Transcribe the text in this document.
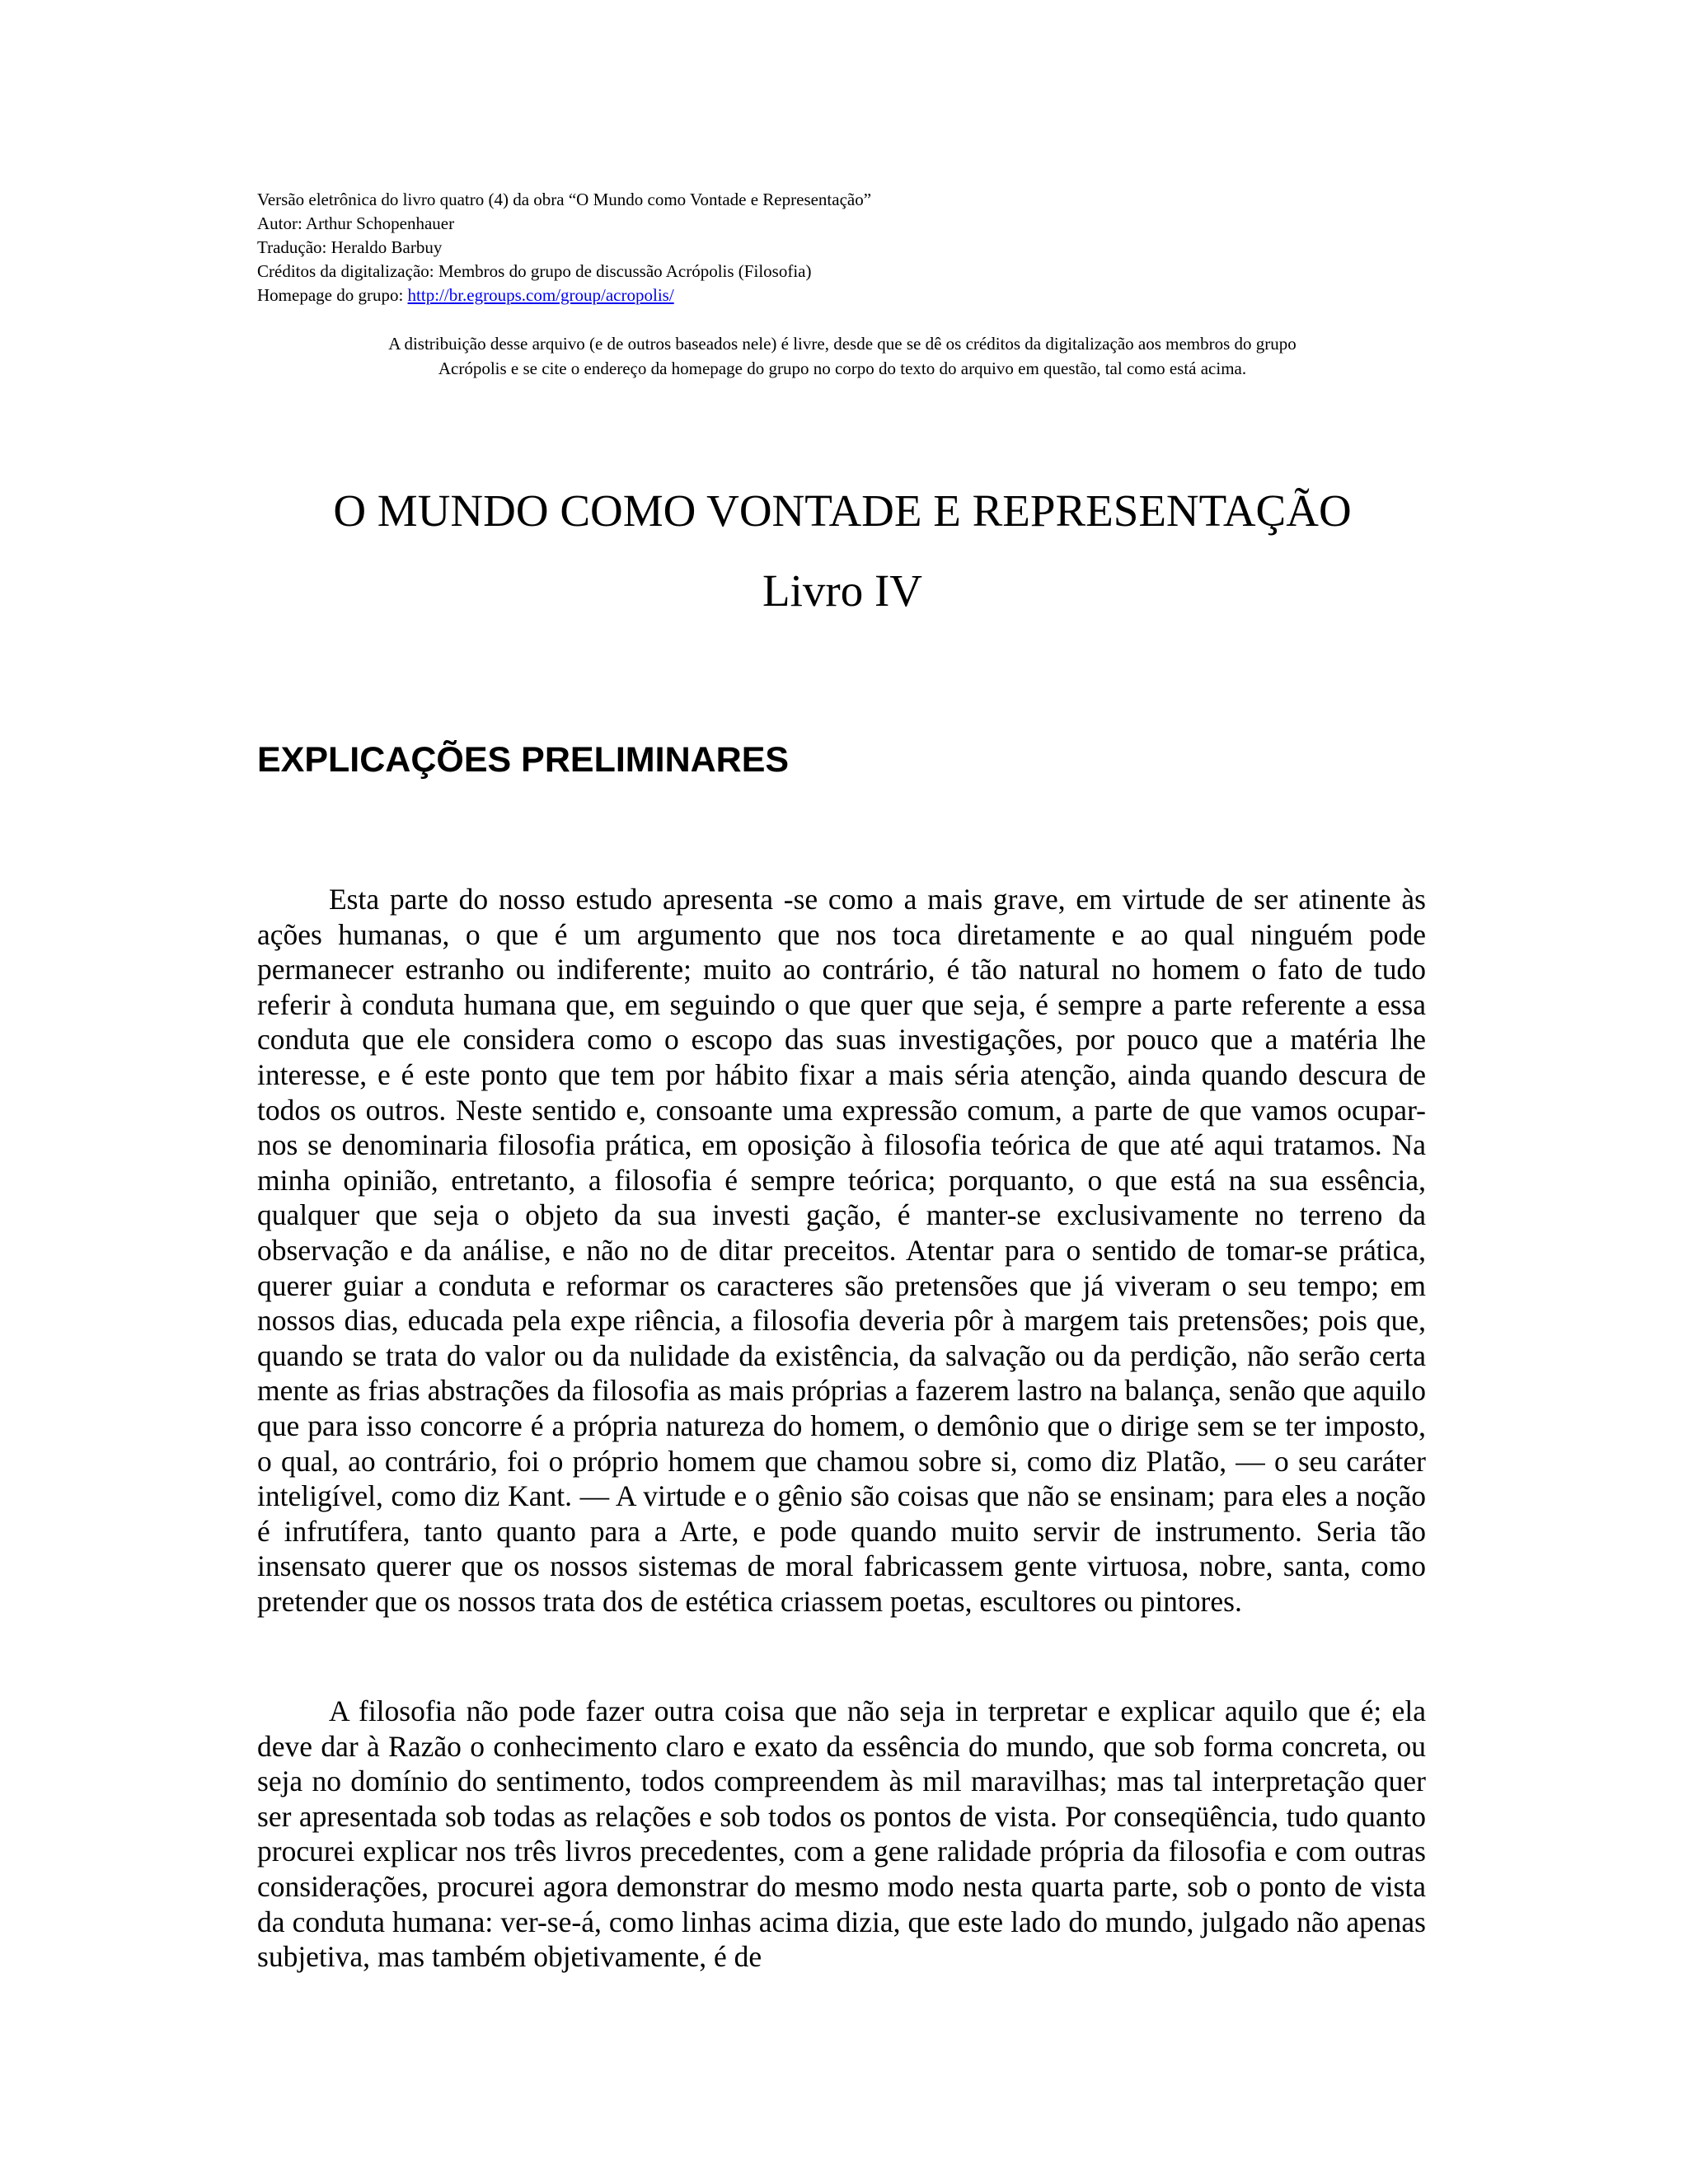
Versão eletrônica do livro quatro (4) da obra “O Mundo como Vontade e Representação”
Autor: Arthur Schopenhauer
Tradução: Heraldo Barbuy
Créditos da digitalização: Membros do grupo de discussão Acrópolis (Filosofia)
Homepage do grupo: http://br.egroups.com/group/acropolis/
A distribuição desse arquivo (e de outros baseados nele) é livre, desde que se dê os créditos da digitalização aos membros do grupo
Acrópolis e se cite o endereço da homepage do grupo no corpo do texto do arquivo em questão, tal como está acima.
O MUNDO COMO VONTADE E REPRESENTAÇÃO
Livro IV
EXPLICAÇÕES PRELIMINARES

Esta parte do nosso estudo apresenta -se como a mais grave, em virtude de ser atinente às ações humanas, o que é um argumento que nos toca diretamente e ao qual ninguém pode permanecer estranho ou indiferente; muito ao contrário, é tão natural no homem o fato de tudo referir à conduta humana que, em seguindo o que quer que seja, é sempre a parte referente a essa conduta que ele considera como o escopo das suas investigações, por pouco que a matéria lhe interesse, e é este ponto que tem por hábito fixar a mais séria atenção, ainda quando descura de todos os outros. Neste sentido e, consoante uma expressão comum, a parte de que vamos ocupar-nos se denominaria filosofia prática, em oposição à filosofia teórica de que até aqui tratamos. Na minha opinião, entretanto, a filosofia é sempre teórica; porquanto, o que está na sua essência, qualquer que seja o objeto da sua investi gação, é manter-se exclusivamente no terreno da observação e da análise, e não no de ditar preceitos. Atentar para o sentido de tomar-se prática, querer guiar a conduta e reformar os caracteres são pretensões que já viveram o seu tempo; em nossos dias, educada pela expe riência, a filosofia deveria pôr à margem tais pretensões; pois que, quando se trata do valor ou da nulidade da existência, da salvação ou da perdição, não serão certa mente as frias abstrações da filosofia as mais próprias a fazerem lastro na balança, senão que aquilo que para isso concorre é a própria natureza do homem, o demônio que o dirige sem se ter imposto, o qual, ao contrário, foi o próprio homem que chamou sobre si, como diz Platão, — o seu caráter inteligível, como diz Kant. — A virtude e o gênio são coisas que não se ensinam; para eles a noção é infrutífera, tanto quanto para a Arte, e pode quando muito servir de instrumento. Seria tão insensato querer que os nossos sistemas de moral fabricassem gente virtuosa, nobre, santa, como pretender que os nossos trata dos de estética criassem poetas, escultores ou pintores.

A filosofia não pode fazer outra coisa que não seja in terpretar e explicar aquilo que é; ela deve dar à Razão o conhecimento claro e exato da essência do mundo, que sob forma concreta, ou seja no domínio do sentimento, todos compreendem às mil maravilhas; mas tal interpretação quer ser apresentada sob todas as relações e sob todos os pontos de vista. Por conseqüência, tudo quanto procurei explicar nos três livros precedentes, com a gene ralidade própria da filosofia e com outras considerações, procurei agora demonstrar do mesmo modo nesta quarta parte, sob o ponto de vista da conduta humana: ver-se-á, como linhas acima dizia, que este lado do mundo, julgado não apenas subjetiva, mas também objetivamente, é de
